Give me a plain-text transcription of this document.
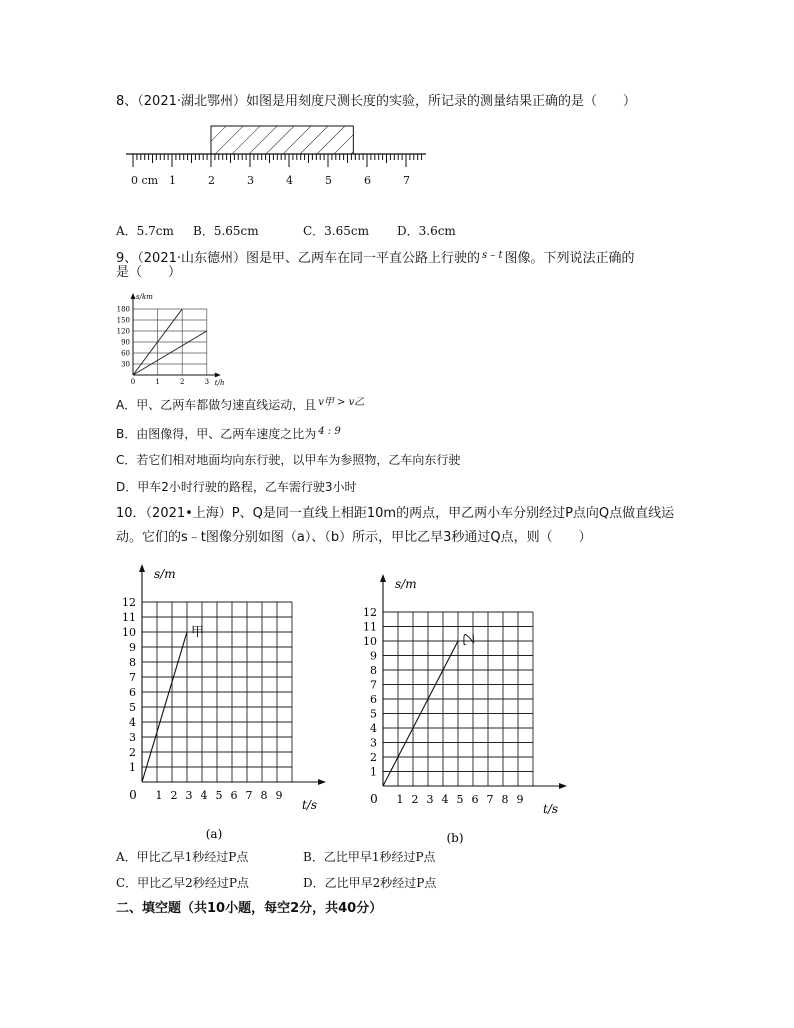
8、（2021·湖北鄂州）如图是用刻度尺测长度的实验，所记录的测量结果正确的是（　　）
0 cm 1	2	3	4	5	6	7
A．5.7cm B．5.65cm	C．3.65cm D．3.6cm
9、（2021·山东德州）图是甲、乙两车在同一平直公路上行驶的 $^{s - t}$ 图像。下列说法正确的
是（　　）
180
150
120
90
60
30
0	1	2	3
s/km
t/h
A．甲、乙两车都做匀速直线运动，且 $^{v甲 > v乙}$
B．由图像得，甲、乙两车速度之比为 $^{4 : 9}$
C．若它们相对地面均向东行驶，以甲车为参照物，乙车向东行驶
D．甲车2小时行驶的路程，乙车需行驶3小时
10．（2021•上海）P、Q是同一直线上相距10m的两点，甲乙两小车分别经过P点向Q点做直线运
动。它们的s﹣t图像分别如图（a）、（b）所示，甲比乙早3秒通过Q点，则（　　）
12
11
10
9
8
7
6
5
4
3
2
1
1 2 3 4 5 6 7 8 9
0
s/m
t/s
(a)
甲
12
11
10
9
8
7
6
5
4
3
2
1
1 2 3 4 5 6 7 8 9
0
s/m
t/s
(b)
乙
A．甲比乙早1秒经过P点	B．乙比甲早1秒经过P点
C．甲比乙早2秒经过P点	D．乙比甲早2秒经过P点
二、填空题（共10小题，每空2分，共40分）
